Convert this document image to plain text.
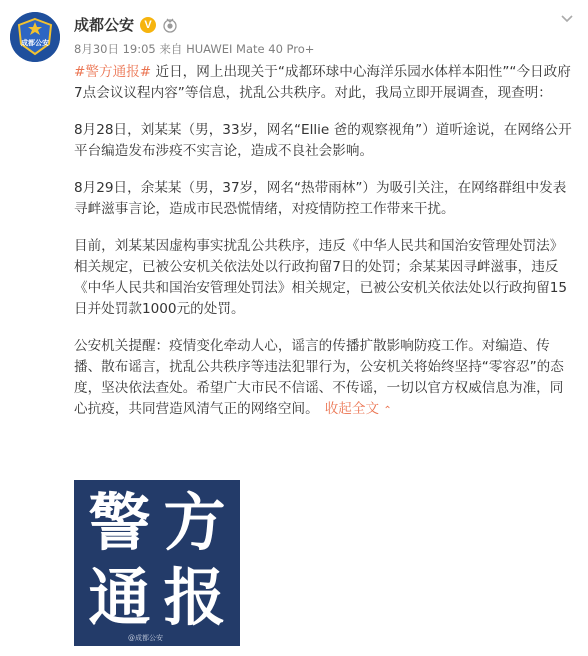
成都公安
成都公安 V
8月30日 19:05 来自 HUAWEI Mate 40 Pro+

#警方通报# 近日，网上出现关于“成都环球中心海洋乐园水体样本阳性”“今日政府7点会议议程内容”等信息，扰乱公共秩序。对此，我局立即开展调查，现查明：

8月28日，刘某某（男，33岁，网名“Ellie 爸的观察视角”）道听途说，在网络公开平台编造发布涉疫不实言论，造成不良社会影响。

8月29日，余某某（男，37岁，网名“热带雨林”）为吸引关注，在网络群组中发表寻衅滋事言论，造成市民恐慌情绪，对疫情防控工作带来干扰。

目前，刘某某因虚构事实扰乱公共秩序，违反《中华人民共和国治安管理处罚法》相关规定，已被公安机关依法处以行政拘留7日的处罚；余某某因寻衅滋事，违反《中华人民共和国治安管理处罚法》相关规定，已被公安机关依法处以行政拘留15日并处罚款1000元的处罚。

公安机关提醒：疫情变化牵动人心，谣言的传播扩散影响防疫工作。对编造、传播、散布谣言，扰乱公共秩序等违法犯罪行为，公安机关将始终坚持“零容忍”的态度，坚决依法查处。希望广大市民不信谣、不传谣，一切以官方权威信息为准，同心抗疫，共同营造风清气正的网络空间。 收起全文 ⌃

警 方
通 报
@成都公安
